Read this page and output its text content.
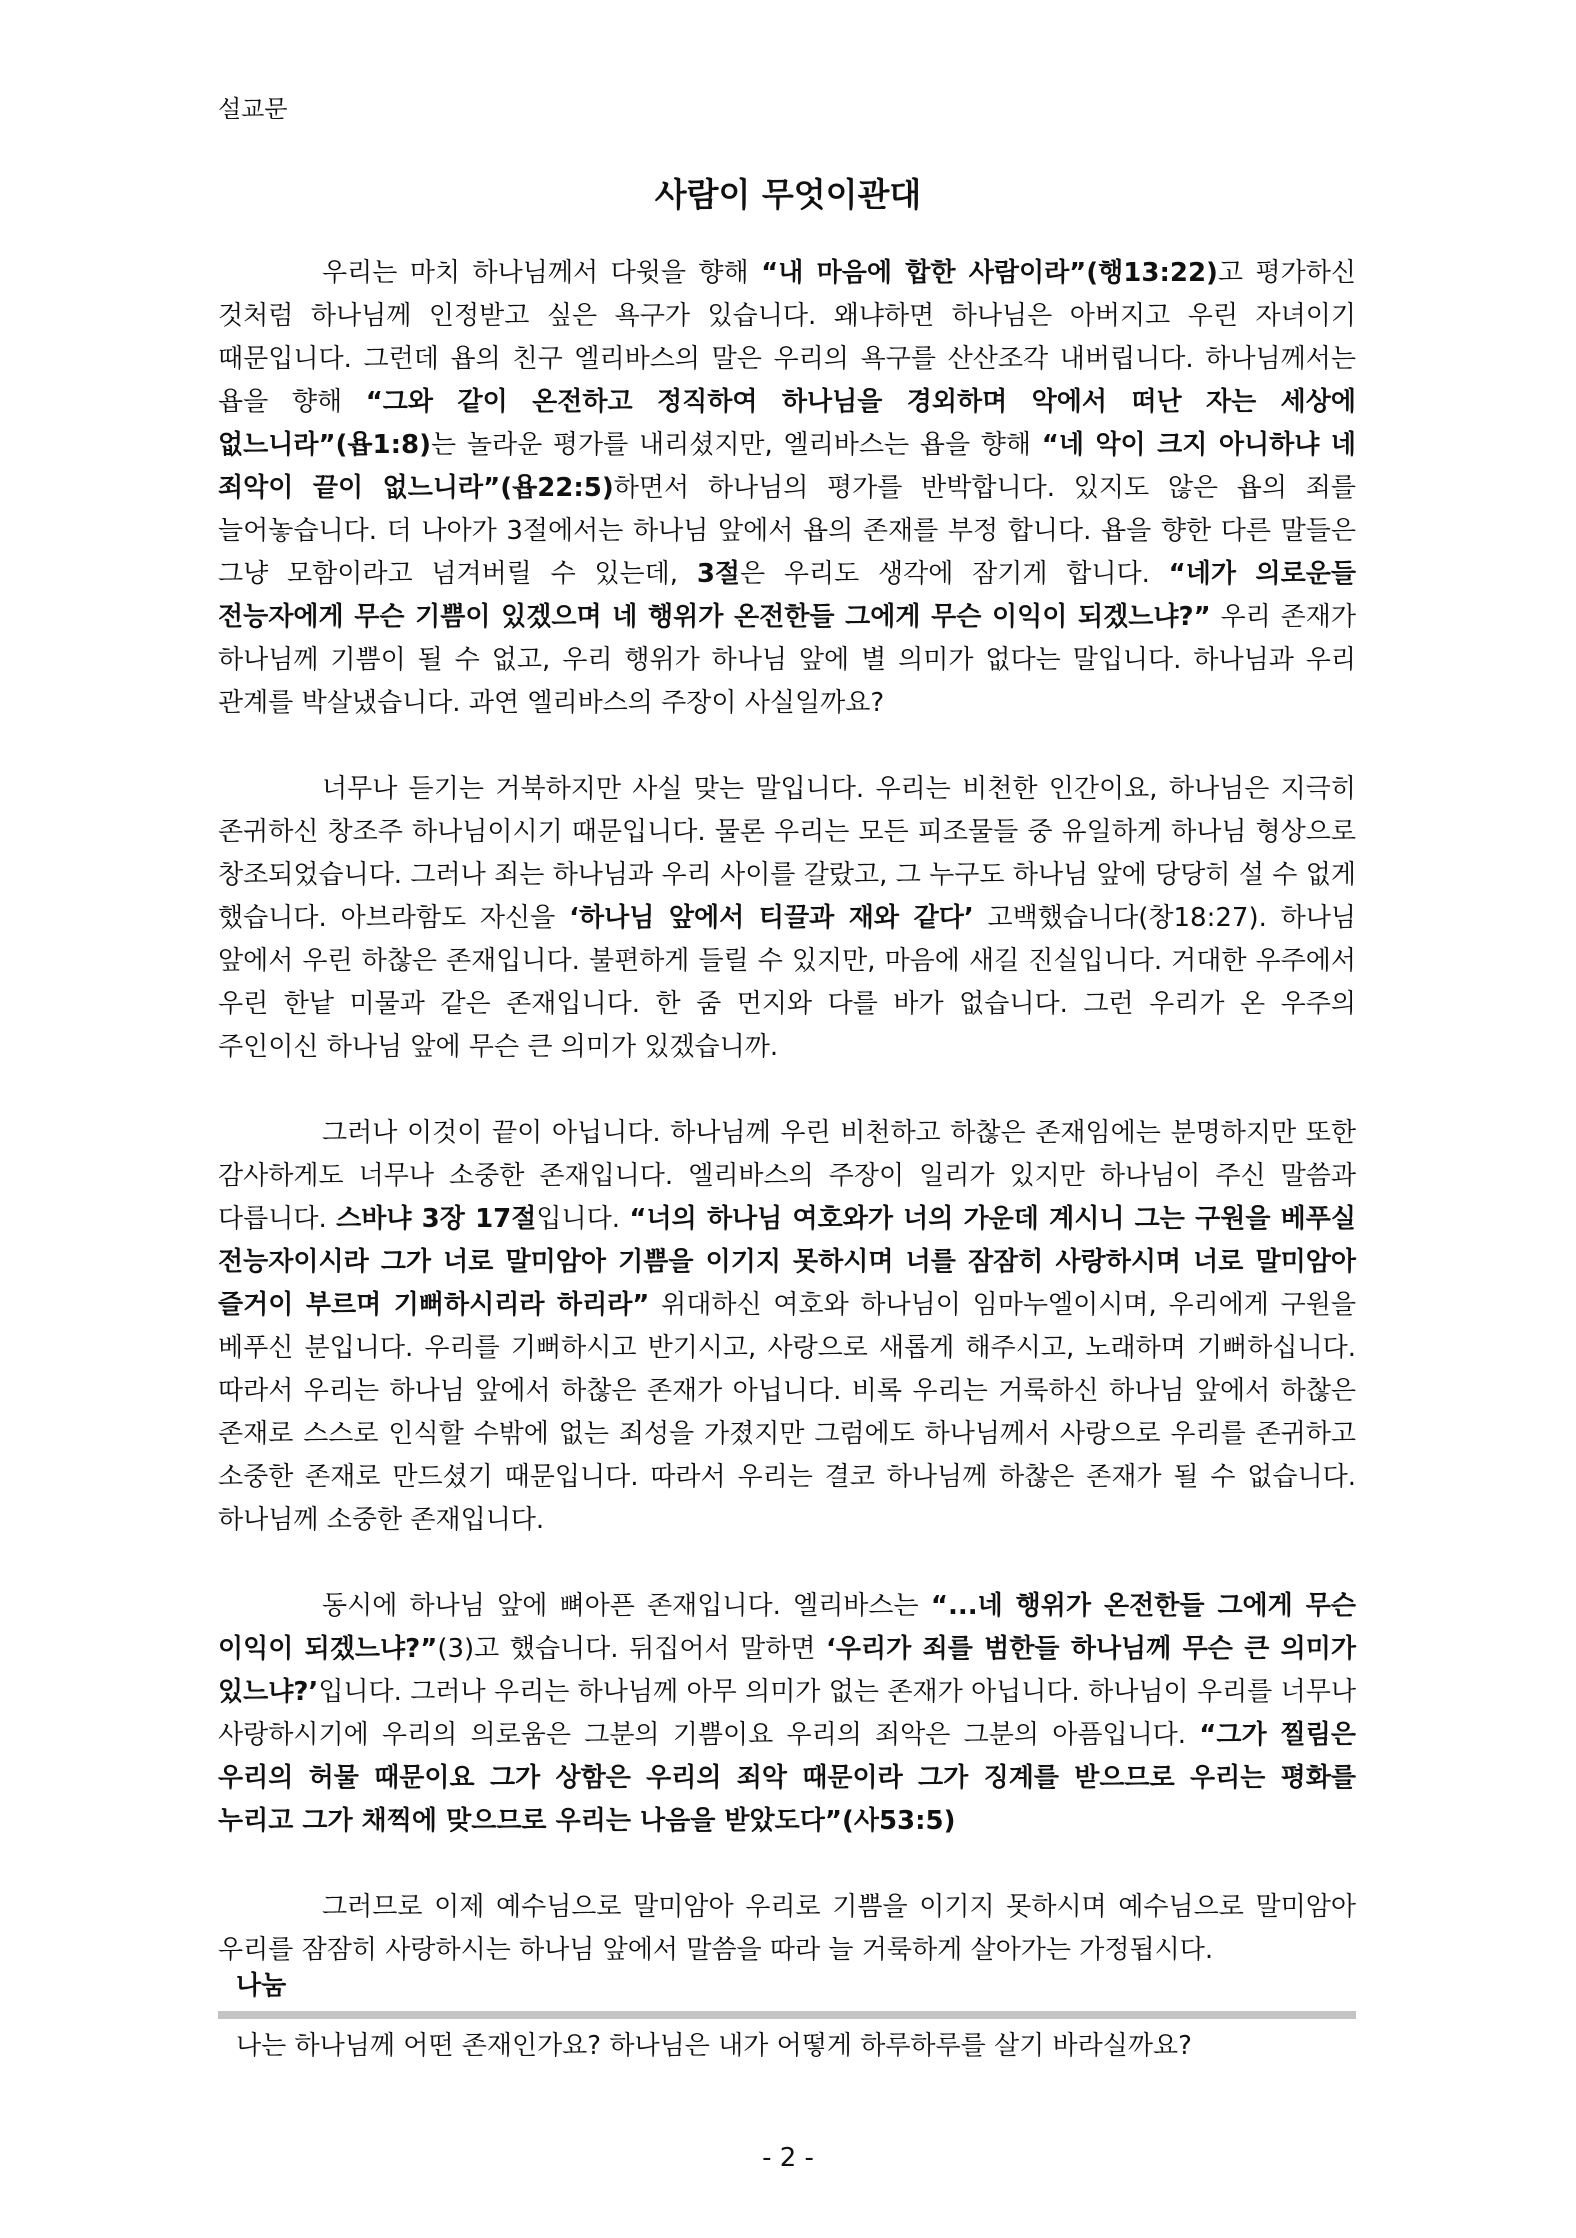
설교문
사람이 무엇이관대

우리는 마치 하나님께서 다윗을 향해 “내 마음에 합한 사람이라”(행13:22)고 평가하신 것처럼 하나님께 인정받고 싶은 욕구가 있습니다. 왜냐하면 하나님은 아버지고 우린 자녀이기 때문입니다. 그런데 욥의 친구 엘리바스의 말은 우리의 욕구를 산산조각 내버립니다. 하나님께서는 욥을 향해 “그와 같이 온전하고 정직하여 하나님을 경외하며 악에서 떠난 자는 세상에 없느니라”(욥1:8)는 놀라운 평가를 내리셨지만, 엘리바스는 욥을 향해 “네 악이 크지 아니하냐 네 죄악이 끝이 없느니라”(욥22:5)하면서 하나님의 평가를 반박합니다. 있지도 않은 욥의 죄를 늘어놓습니다. 더 나아가 3절에서는 하나님 앞에서 욥의 존재를 부정 합니다. 욥을 향한 다른 말들은 그냥 모함이라고 넘겨버릴 수 있는데, 3절은 우리도 생각에 잠기게 합니다. “네가 의로운들 전능자에게 무슨 기쁨이 있겠으며 네 행위가 온전한들 그에게 무슨 이익이 되겠느냐?” 우리 존재가 하나님께 기쁨이 될 수 없고, 우리 행위가 하나님 앞에 별 의미가 없다는 말입니다. 하나님과 우리 관계를 박살냈습니다. 과연 엘리바스의 주장이 사실일까요?

너무나 듣기는 거북하지만 사실 맞는 말입니다. 우리는 비천한 인간이요, 하나님은 지극히 존귀하신 창조주 하나님이시기 때문입니다. 물론 우리는 모든 피조물들 중 유일하게 하나님 형상으로 창조되었습니다. 그러나 죄는 하나님과 우리 사이를 갈랐고, 그 누구도 하나님 앞에 당당히 설 수 없게 했습니다. 아브라함도 자신을 ‘하나님 앞에서 티끌과 재와 같다’ 고백했습니다(창18:27). 하나님 앞에서 우린 하찮은 존재입니다. 불편하게 들릴 수 있지만, 마음에 새길 진실입니다. 거대한 우주에서 우린 한낱 미물과 같은 존재입니다. 한 줌 먼지와 다를 바가 없습니다. 그런 우리가 온 우주의 주인이신 하나님 앞에 무슨 큰 의미가 있겠습니까.

그러나 이것이 끝이 아닙니다. 하나님께 우린 비천하고 하찮은 존재임에는 분명하지만 또한 감사하게도 너무나 소중한 존재입니다. 엘리바스의 주장이 일리가 있지만 하나님이 주신 말씀과 다릅니다. 스바냐 3장 17절입니다. “너의 하나님 여호와가 너의 가운데 계시니 그는 구원을 베푸실 전능자이시라 그가 너로 말미암아 기쁨을 이기지 못하시며 너를 잠잠히 사랑하시며 너로 말미암아 즐거이 부르며 기뻐하시리라 하리라” 위대하신 여호와 하나님이 임마누엘이시며, 우리에게 구원을 베푸신 분입니다. 우리를 기뻐하시고 반기시고, 사랑으로 새롭게 해주시고, 노래하며 기뻐하십니다. 따라서 우리는 하나님 앞에서 하찮은 존재가 아닙니다. 비록 우리는 거룩하신 하나님 앞에서 하찮은 존재로 스스로 인식할 수밖에 없는 죄성을 가졌지만 그럼에도 하나님께서 사랑으로 우리를 존귀하고 소중한 존재로 만드셨기 때문입니다. 따라서 우리는 결코 하나님께 하찮은 존재가 될 수 없습니다. 하나님께 소중한 존재입니다.

동시에 하나님 앞에 뼈아픈 존재입니다. 엘리바스는 “...네 행위가 온전한들 그에게 무슨 이익이 되겠느냐?”(3)고 했습니다. 뒤집어서 말하면 ‘우리가 죄를 범한들 하나님께 무슨 큰 의미가 있느냐?’입니다. 그러나 우리는 하나님께 아무 의미가 없는 존재가 아닙니다. 하나님이 우리를 너무나 사랑하시기에 우리의 의로움은 그분의 기쁨이요 우리의 죄악은 그분의 아픔입니다. “그가 찔림은 우리의 허물 때문이요 그가 상함은 우리의 죄악 때문이라 그가 징계를 받으므로 우리는 평화를 누리고 그가 채찍에 맞으므로 우리는 나음을 받았도다”(사53:5)

그러므로 이제 예수님으로 말미암아 우리로 기쁨을 이기지 못하시며 예수님으로 말미암아 우리를 잠잠히 사랑하시는 하나님 앞에서 말씀을 따라 늘 거룩하게 살아가는 가정됩시다.

나눔
나는 하나님께 어떤 존재인가요? 하나님은 내가 어떻게 하루하루를 살기 바라실까요?
- 2 -
